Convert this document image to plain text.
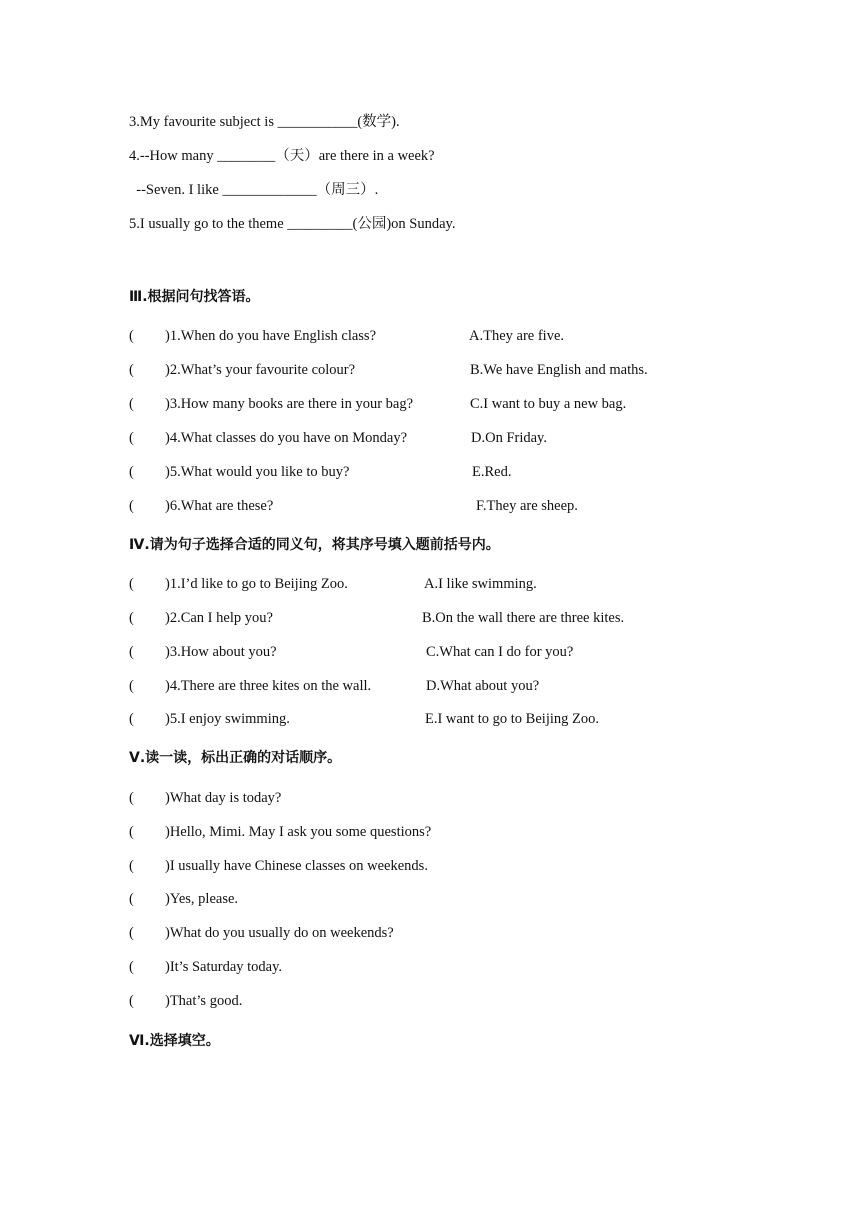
3.My favourite subject is ___________(数学).
4.--How many ________（天）are there in a week?
--Seven. I like _____________（周三）.
5.I usually go to the theme _________(公园)on Sunday.
Ⅲ.根据问句找答语。
( )1.When do you have English class?	A.They are five.
( )2.What’s your favourite colour?	B.We have English and maths.
( )3.How many books are there in your bag?	C.I want to buy a new bag.
( )4.What classes do you have on Monday?	D.On Friday.
( )5.What would you like to buy?	E.Red.
( )6.What are these?	F.They are sheep.
Ⅳ.请为句子选择合适的同义句，将其序号填入题前括号内。
( )1.I’d like to go to Beijing Zoo.	A.I like swimming.
( )2.Can I help you?	B.On the wall there are three kites.
( )3.How about you?	C.What can I do for you?
( )4.There are three kites on the wall.	D.What about you?
( )5.I enjoy swimming.	E.I want to go to Beijing Zoo.
Ⅴ.读一读，标出正确的对话顺序。
( )What day is today?
( )Hello, Mimi. May I ask you some questions?
( )I usually have Chinese classes on weekends.
( )Yes, please.
( )What do you usually do on weekends?
( )It’s Saturday today.
( )That’s good.
Ⅵ.选择填空。
